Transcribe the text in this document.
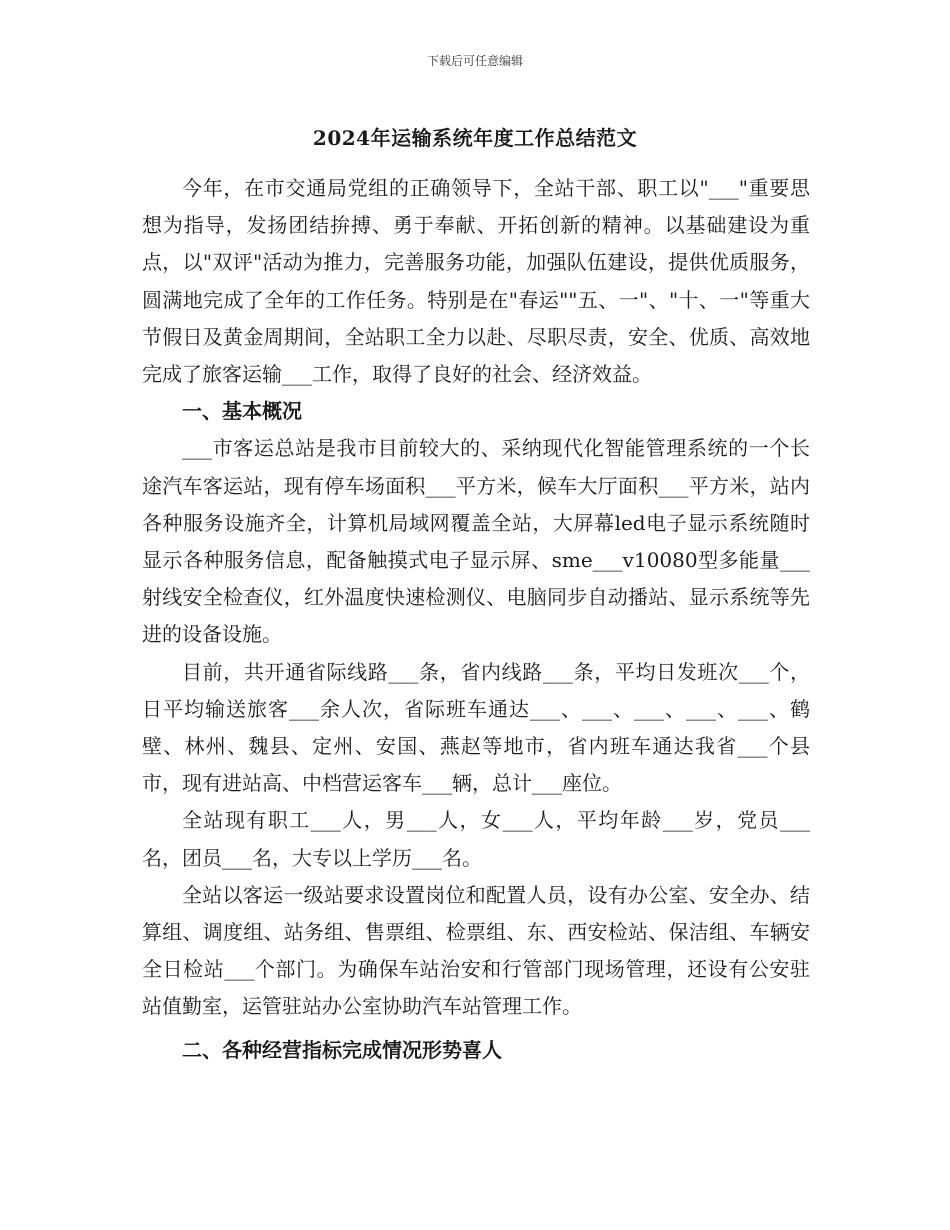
下载后可任意编辑
2024年运输系统年度工作总结范文

今年，在市交通局党组的正确领导下，全站干部、职工以"___"重要思想为指导，发扬团结拚搏、勇于奉献、开拓创新的精神。以基础建设为重点，以"双评"活动为推力，完善服务功能，加强队伍建设，提供优质服务，圆满地完成了全年的工作任务。特别是在"春运""五、一"、"十、一"等重大节假日及黄金周期间，全站职工全力以赴、尽职尽责，安全、优质、高效地完成了旅客运输___工作，取得了良好的社会、经济效益。

一、基本概况

___市客运总站是我市目前较大的、采纳现代化智能管理系统的一个长途汽车客运站，现有停车场面积___平方米，候车大厅面积___平方米，站内各种服务设施齐全，计算机局域网覆盖全站，大屏幕led电子显示系统随时显示各种服务信息，配备触摸式电子显示屏、sme___v10080型多能量___射线安全检查仪，红外温度快速检测仪、电脑同步自动播站、显示系统等先进的设备设施。

目前，共开通省际线路___条，省内线路___条，平均日发班次___个，日平均输送旅客___余人次，省际班车通达___、___、___、___、___、鹤壁、林州、魏县、定州、安国、燕赵等地市，省内班车通达我省___个县市，现有进站高、中档营运客车___辆，总计___座位。

全站现有职工___人，男___人，女___人，平均年龄___岁，党员___名，团员___名，大专以上学历___名。

全站以客运一级站要求设置岗位和配置人员，设有办公室、安全办、结算组、调度组、站务组、售票组、检票组、东、西安检站、保洁组、车辆安全日检站___个部门。为确保车站治安和行管部门现场管理，还设有公安驻站值勤室，运管驻站办公室协助汽车站管理工作。

二、各种经营指标完成情况形势喜人
